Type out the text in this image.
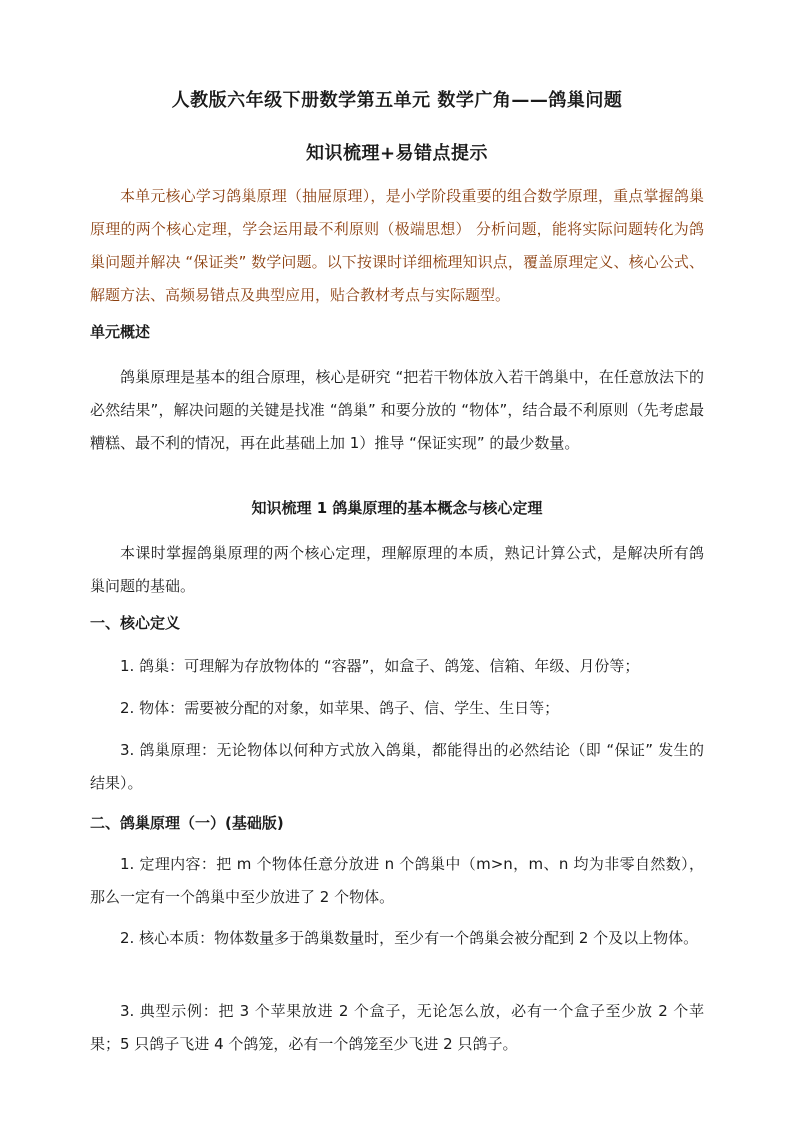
人教版六年级下册数学第五单元 数学广角——鸽巢问题
知识梳理+易错点提示

本单元核心学习鸽巢原理（抽屉原理），是小学阶段重要的组合数学原理，重点掌握鸽巢原理的两个核心定理，学会运用最不利原则（极端思想） 分析问题，能将实际问题转化为鸽巢问题并解决 “保证类” 数学问题。以下按课时详细梳理知识点，覆盖原理定义、核心公式、解题方法、高频易错点及典型应用，贴合教材考点与实际题型。

单元概述

鸽巢原理是基本的组合原理，核心是研究 “把若干物体放入若干鸽巢中，在任意放法下的必然结果”，解决问题的关键是找准 “鸽巢” 和要分放的 “物体”，结合最不利原则（先考虑最糟糕、最不利的情况，再在此基础上加 1）推导 “保证实现” 的最少数量。

知识梳理 1 鸽巢原理的基本概念与核心定理

本课时掌握鸽巢原理的两个核心定理，理解原理的本质，熟记计算公式，是解决所有鸽巢问题的基础。

一、核心定义

1. 鸽巢：可理解为存放物体的 “容器”，如盒子、鸽笼、信箱、年级、月份等；

2. 物体：需要被分配的对象，如苹果、鸽子、信、学生、生日等；

3. 鸽巢原理：无论物体以何种方式放入鸽巢，都能得出的必然结论（即 “保证” 发生的结果）。

二、鸽巢原理（一）(基础版)

1. 定理内容：把 m 个物体任意分放进 n 个鸽巢中（m>n，m、n 均为非零自然数），那么一定有一个鸽巢中至少放进了 2 个物体。

2. 核心本质：物体数量多于鸽巢数量时，至少有一个鸽巢会被分配到 2 个及以上物体。

3. 典型示例：把 3 个苹果放进 2 个盒子，无论怎么放，必有一个盒子至少放 2 个苹果；5 只鸽子飞进 4 个鸽笼，必有一个鸽笼至少飞进 2 只鸽子。
